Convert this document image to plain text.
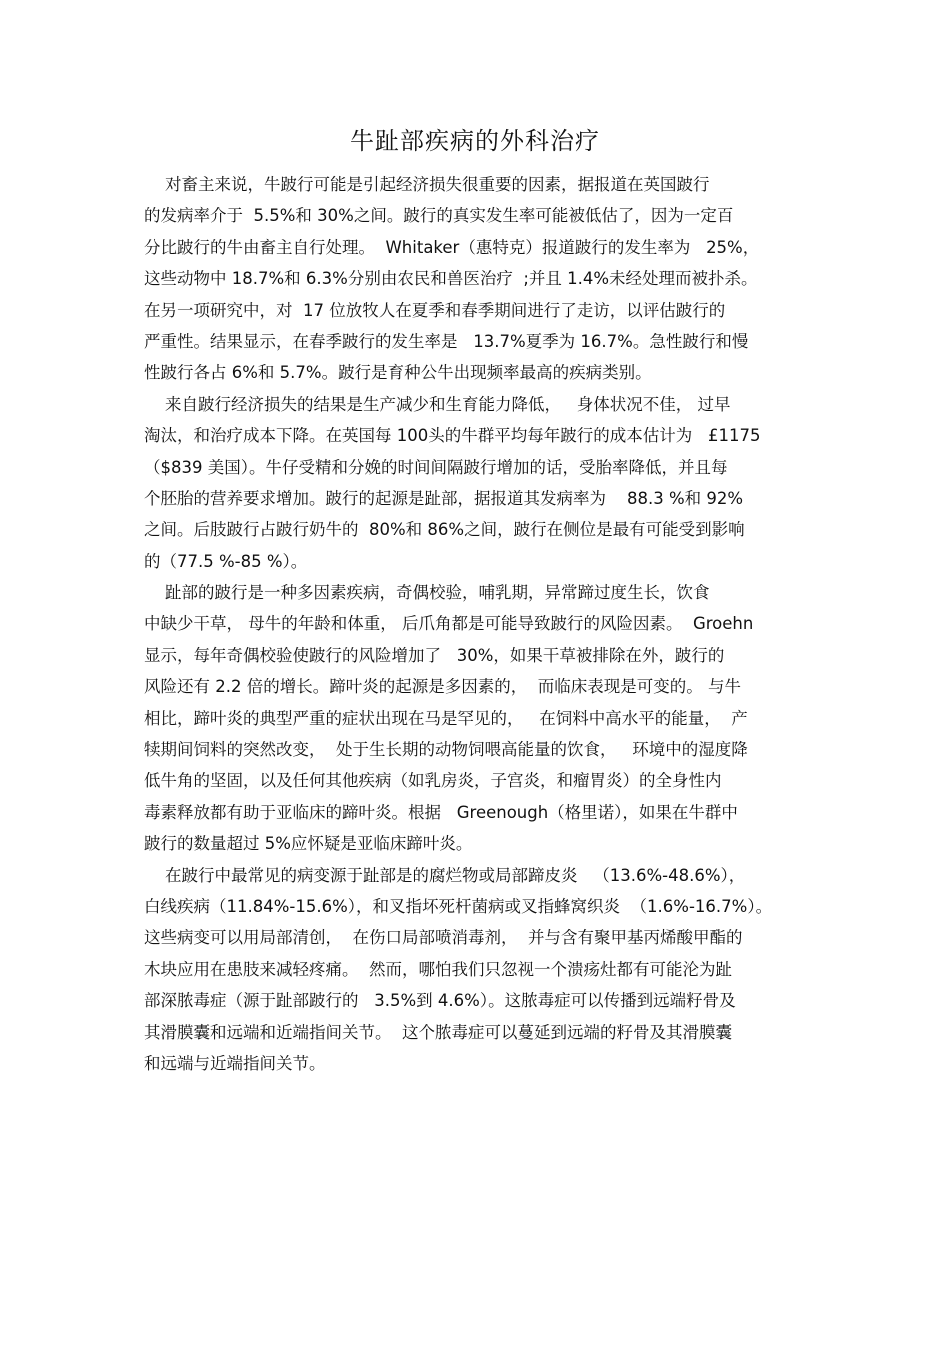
牛趾部疾病的外科治疗
对畜主来说，牛跛行可能是引起经济损失很重要的因素，据报道在英国跛行
的发病率介于  5.5%和 30%之间。跛行的真实发生率可能被低估了，因为一定百
分比跛行的牛由畜主自行处理。  Whitaker（惠特克）报道跛行的发生率为   25%，
这些动物中 18.7%和 6.3%分别由农民和兽医治疗  ;并且 1.4%未经处理而被扑杀。
在另一项研究中，对  17 位放牧人在夏季和春季期间进行了走访，以评估跛行的
严重性。结果显示，在春季跛行的发生率是   13.7%夏季为 16.7%。急性跛行和慢
性跛行各占 6%和 5.7%。跛行是育种公牛出现频率最高的疾病类别。
来自跛行经济损失的结果是生产减少和生育能力降低，   身体状况不佳， 过早
淘汰，和治疗成本下降。在英国每 100头的牛群平均每年跛行的成本估计为   £1175
（$839 美国）。牛仔受精和分娩的时间间隔跛行增加的话，受胎率降低，并且每
个胚胎的营养要求增加。跛行的起源是趾部，据报道其发病率为    88.3 %和 92%
之间。后肢跛行占跛行奶牛的  80%和 86%之间，跛行在侧位是最有可能受到影响
的（77.5 %-85 %）。
趾部的跛行是一种多因素疾病，奇偶校验，哺乳期，异常蹄过度生长，饮食
中缺少干草， 母牛的年龄和体重， 后爪角都是可能导致跛行的风险因素。  Groehn
显示，每年奇偶校验使跛行的风险增加了   30%，如果干草被排除在外，跛行的
风险还有 2.2 倍的增长。蹄叶炎的起源是多因素的，  而临床表现是可变的。 与牛
相比，蹄叶炎的典型严重的症状出现在马是罕见的，   在饲料中高水平的能量，  产
犊期间饲料的突然改变，  处于生长期的动物饲喂高能量的饮食，   环境中的湿度降
低牛角的坚固，以及任何其他疾病（如乳房炎，子宫炎，和瘤胃炎）的全身性内
毒素释放都有助于亚临床的蹄叶炎。根据   Greenough（格里诺），如果在牛群中
跛行的数量超过 5%应怀疑是亚临床蹄叶炎。
在跛行中最常见的病变源于趾部是的腐烂物或局部蹄皮炎   （13.6%-48.6%），
白线疾病（11.84%-15.6%），和叉指坏死杆菌病或叉指蜂窝织炎  （1.6%-16.7%）。
这些病变可以用局部清创，  在伤口局部喷消毒剂，  并与含有聚甲基丙烯酸甲酯的
木块应用在患肢来减轻疼痛。  然而，哪怕我们只忽视一个溃疡灶都有可能沦为趾
部深脓毒症（源于趾部跛行的   3.5%到 4.6%）。这脓毒症可以传播到远端籽骨及
其滑膜囊和远端和近端指间关节。  这个脓毒症可以蔓延到远端的籽骨及其滑膜囊
和远端与近端指间关节。
